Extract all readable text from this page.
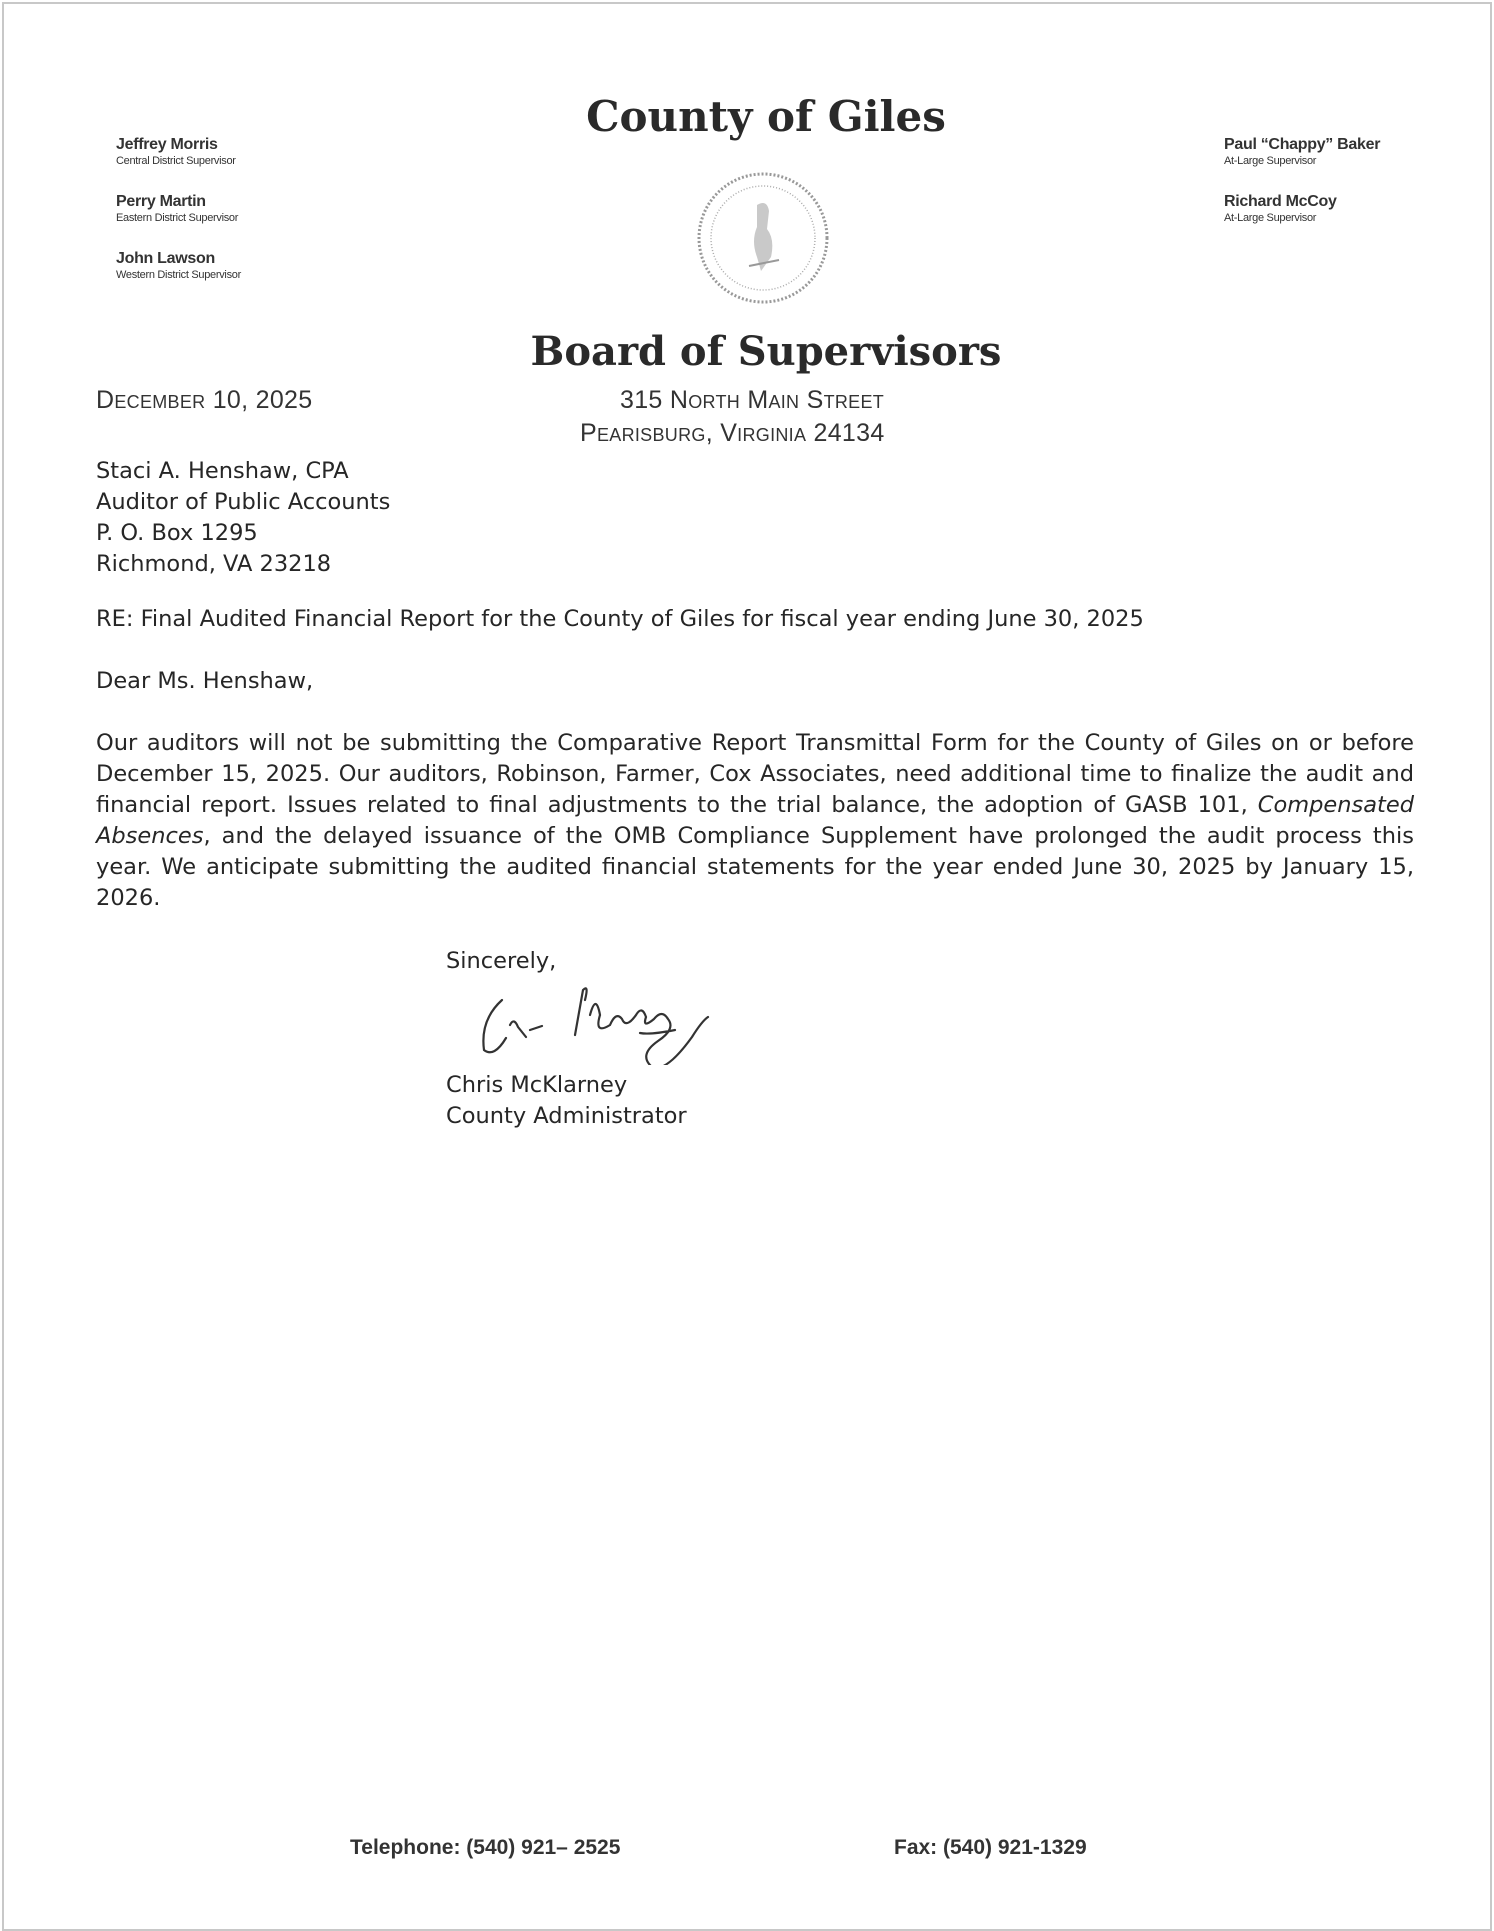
Jeffrey Morris
Central District Supervisor
Perry Martin
Eastern District Supervisor
John Lawson
Western District Supervisor
Paul “Chappy” Baker
At-Large Supervisor
Richard McCoy
At-Large Supervisor
County of Giles
Board of Supervisors
December 10, 2025	315 North Main Street
Pearisburg, Virginia 24134
Staci A. Henshaw, CPA
Auditor of Public Accounts
P. O. Box 1295
Richmond, VA 23218
RE: Final Audited Financial Report for the County of Giles for fiscal year ending June 30, 2025
Dear Ms. Henshaw,
Our auditors will not be submitting the Comparative Report Transmittal Form for the County of Giles on or before December 15, 2025. Our auditors, Robinson, Farmer, Cox Associates, need additional time to finalize the audit and financial report. Issues related to final adjustments to the trial balance, the adoption of GASB 101, Compensated Absences, and the delayed issuance of the OMB Compliance Supplement have prolonged the audit process this year. We anticipate submitting the audited financial statements for the year ended June 30, 2025 by January 15, 2026.
Sincerely,
Chris McKlarney
County Administrator
Telephone: (540) 921– 2525	Fax: (540) 921-1329
